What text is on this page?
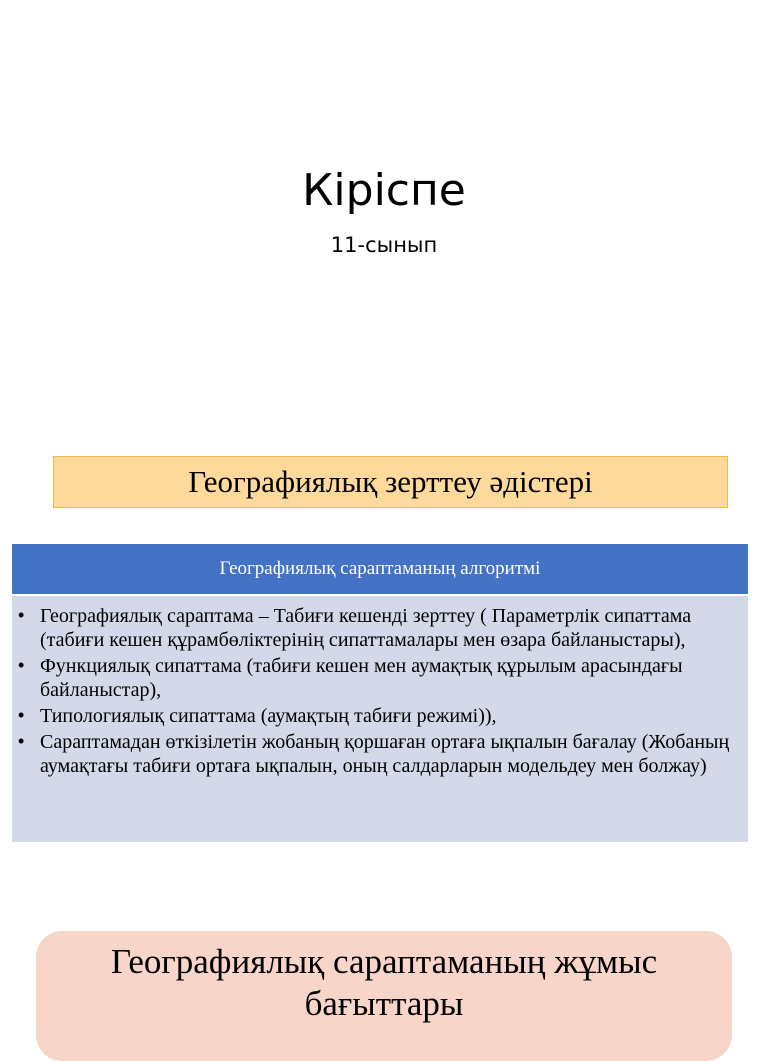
Кіріспе
11-сынып
Географиялық зерттеу әдістері
Географиялық сараптаманың алгоритмі
• Географиялық сараптама – Табиғи кешенді зерттеу ( Параметрлік сипаттама (табиғи кешен құрамбөліктерінің сипаттамалары мен өзара байланыстары),
• Функциялық сипаттама (табиғи кешен мен аумақтық құрылым арасындағы байланыстар),
• Типологиялық сипаттама (аумақтың табиғи режимі)),
• Сараптамадан өткізілетін жобаның қоршаған ортаға ықпалын бағалау (Жобаның аумақтағы табиғи ортаға ықпалын, оның салдарларын модельдеу мен болжау)
Географиялық сараптаманың жұмыс бағыттары
